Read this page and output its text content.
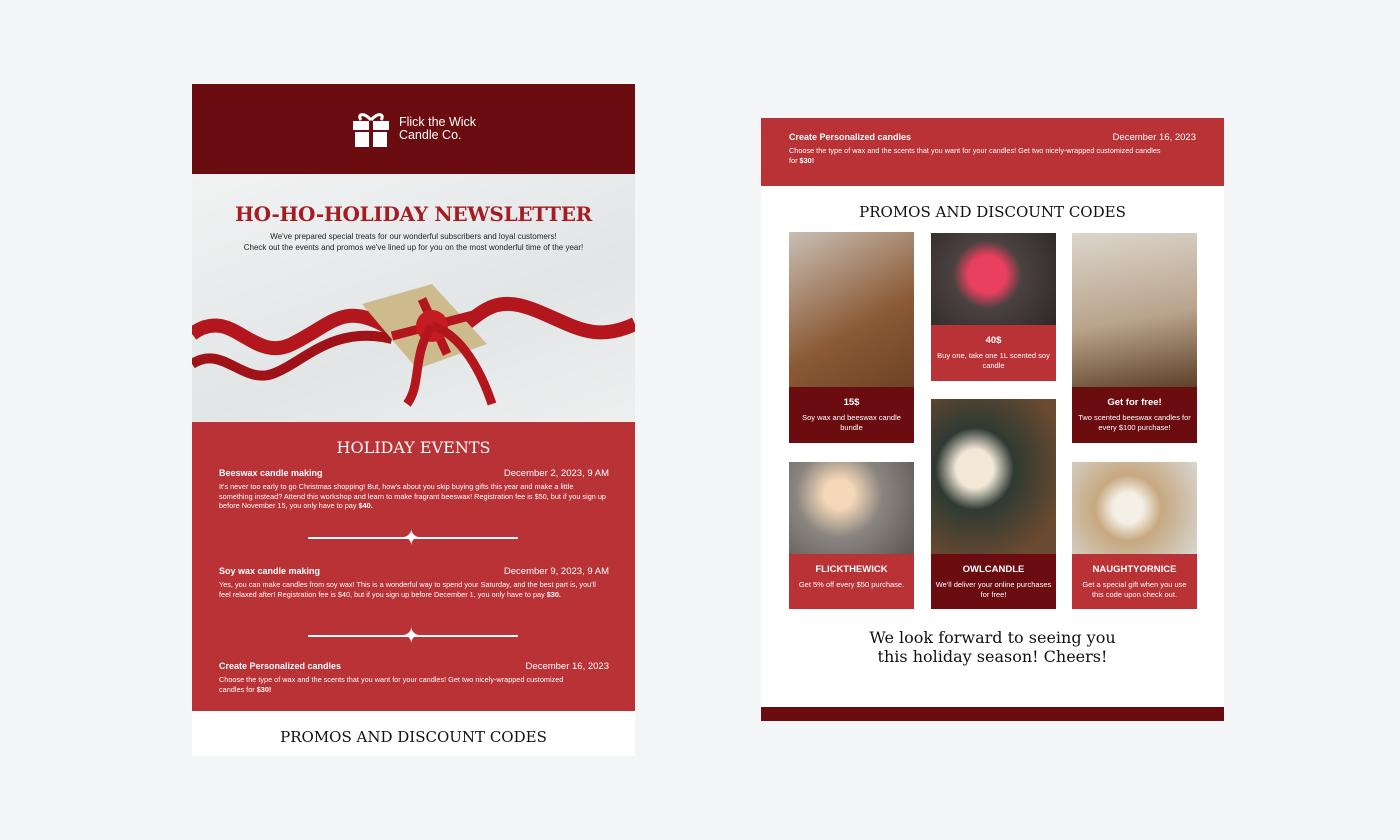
Flick the Wick
Candle Co.
HO-HO-HOLIDAY NEWSLETTER

We've prepared special treats for our wonderful subscribers and loyal customers!
Check out the events and promos we've lined up for you on the most wonderful time of the year!

HOLIDAY EVENTS
Beeswax candle making	December 2, 2023, 9 AM
It's never too early to go Christmas shopping! But, how's about you skip buying gifts this year and make a little something instead? Attend this workshop and learn to make fragrant beeswax! Registration fee is $50, but if you sign up before November 15, you only have to pay $40.
✦
Soy wax candle making	December 9, 2023, 9 AM
Yes, you can make candles from soy wax! This is a wonderful way to spend your Saturday, and the best part is, you'll feel relaxed after! Registration fee is $40, but if you sign up before December 1, you only have to pay $30.
✦
Create Personalized candles	December 16, 2023
Choose the type of wax and the scents that you want for your candles! Get two nicely-wrapped customized candles for $30!
PROMOS AND DISCOUNT CODES
Create Personalized candles	December 16, 2023
Choose the type of wax and the scents that you want for your candles! Get two nicely-wrapped customized candles for $30!
PROMOS AND DISCOUNT CODES
15$
Soy wax and beeswax candle bundle
40$
Buy one, take one 1L scented soy candle
Get for free!
Two scented beeswax candles for every $100 purchase!
FLICKTHEWICK
Get 5% off every $50 purchase.
OWLCANDLE
We'll deliver your online purchases for free!
NAUGHTYORNICE
Get a special gift when you use this code upon check out.
We look forward to seeing you
this holiday season! Cheers!
